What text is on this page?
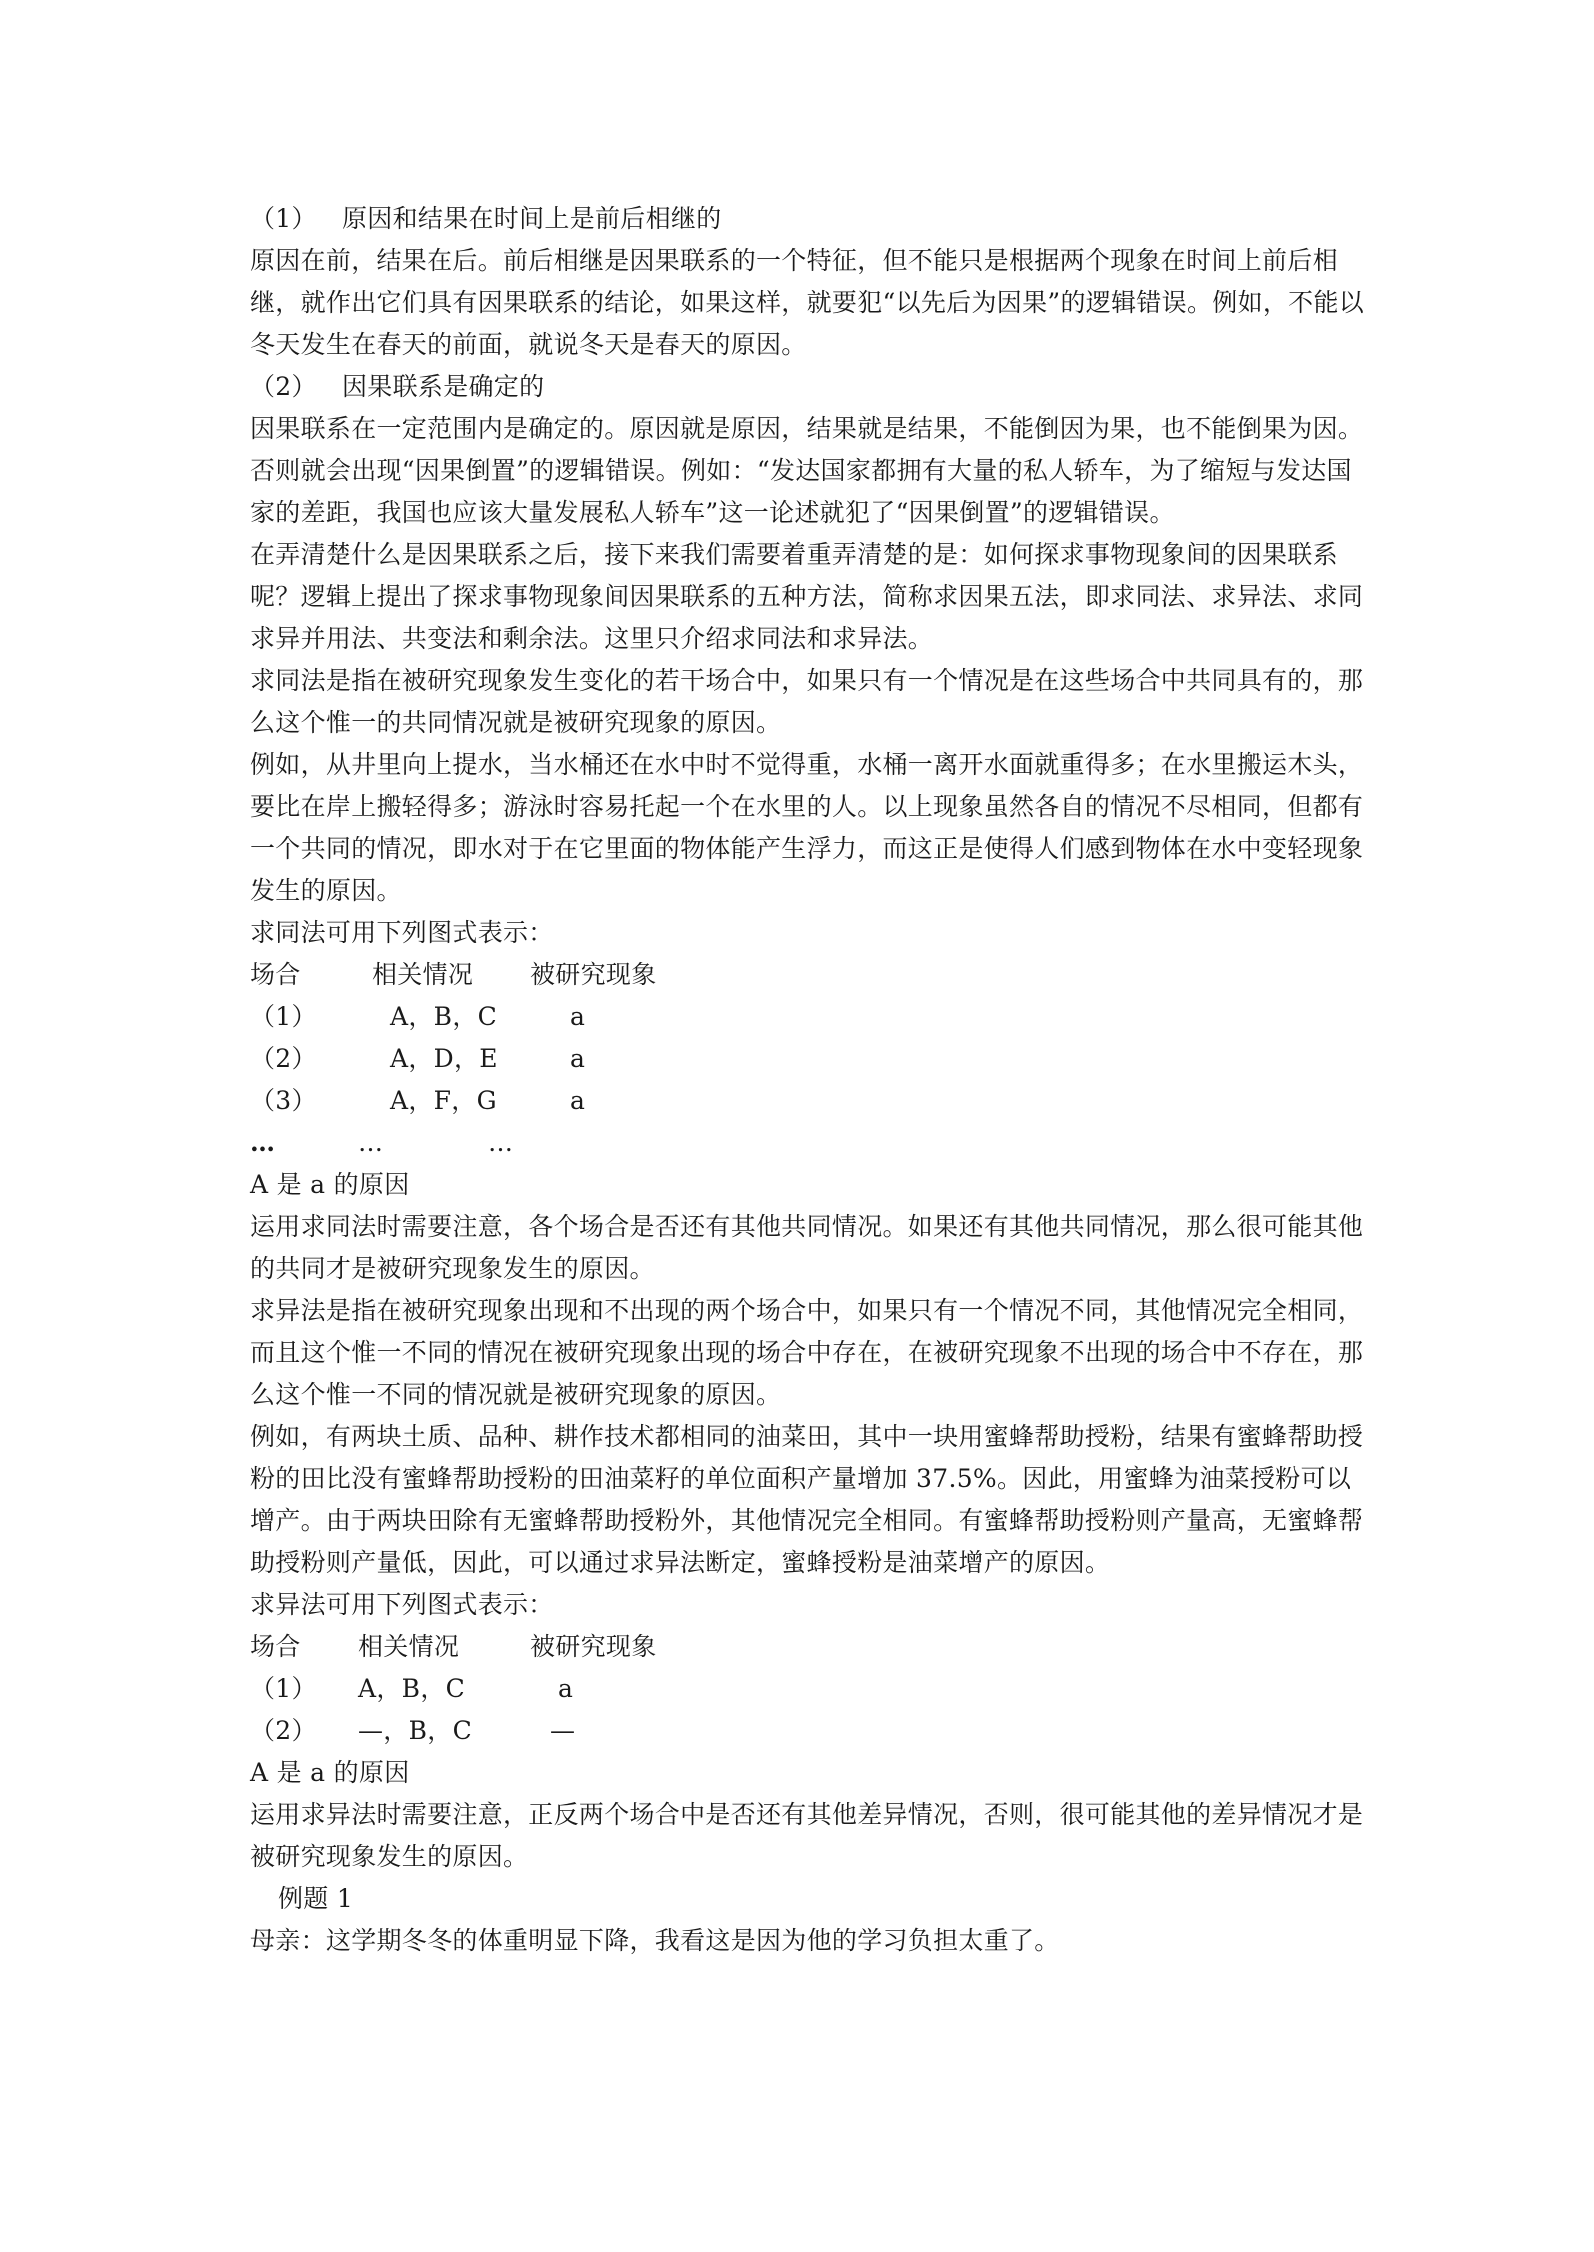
（1） 原因和结果在时间上是前后相继的

原因在前，结果在后。前后相继是因果联系的一个特征，但不能只是根据两个现象在时间上前后相继，就作出它们具有因果联系的结论，如果这样，就要犯“以先后为因果”的逻辑错误。例如，不能以冬天发生在春天的前面，就说冬天是春天的原因。

（2） 因果联系是确定的

因果联系在一定范围内是确定的。原因就是原因，结果就是结果，不能倒因为果，也不能倒果为因。否则就会出现“因果倒置”的逻辑错误。例如：“发达国家都拥有大量的私人轿车，为了缩短与发达国家的差距，我国也应该大量发展私人轿车”这一论述就犯了“因果倒置”的逻辑错误。

在弄清楚什么是因果联系之后，接下来我们需要着重弄清楚的是：如何探求事物现象间的因果联系呢？逻辑上提出了探求事物现象间因果联系的五种方法，简称求因果五法，即求同法、求异法、求同求异并用法、共变法和剩余法。这里只介绍求同法和求异法。

求同法是指在被研究现象发生变化的若干场合中，如果只有一个情况是在这些场合中共同具有的，那么这个惟一的共同情况就是被研究现象的原因。

例如，从井里向上提水，当水桶还在水中时不觉得重，水桶一离开水面就重得多；在水里搬运木头，要比在岸上搬轻得多；游泳时容易托起一个在水里的人。以上现象虽然各自的情况不尽相同，但都有一个共同的情况，即水对于在它里面的物体能产生浮力，而这正是使得人们感到物体在水中变轻现象发生的原因。

求同法可用下列图式表示：

场合	相关情况 被研究现象
（1）	A，B，C	a
（2）	A，D，E	a
（3）	A，F，G	a
…	…	…

A 是 a 的原因

运用求同法时需要注意，各个场合是否还有其他共同情况。如果还有其他共同情况，那么很可能其他的共同才是被研究现象发生的原因。

求异法是指在被研究现象出现和不出现的两个场合中，如果只有一个情况不同，其他情况完全相同，而且这个惟一不同的情况在被研究现象出现的场合中存在，在被研究现象不出现的场合中不存在，那么这个惟一不同的情况就是被研究现象的原因。

例如，有两块土质、品种、耕作技术都相同的油菜田，其中一块用蜜蜂帮助授粉，结果有蜜蜂帮助授粉的田比没有蜜蜂帮助授粉的田油菜籽的单位面积产量增加 37.5%。因此，用蜜蜂为油菜授粉可以增产。由于两块田除有无蜜蜂帮助授粉外，其他情况完全相同。有蜜蜂帮助授粉则产量高，无蜜蜂帮助授粉则产量低，因此，可以通过求异法断定，蜜蜂授粉是油菜增产的原因。

求异法可用下列图式表示：

场合 相关情况	被研究现象
（1） A，B，C	a
（2） —，B，C	—

A 是 a 的原因

运用求异法时需要注意，正反两个场合中是否还有其他差异情况，否则，很可能其他的差异情况才是被研究现象发生的原因。

例题 1

母亲：这学期冬冬的体重明显下降，我看这是因为他的学习负担太重了。
